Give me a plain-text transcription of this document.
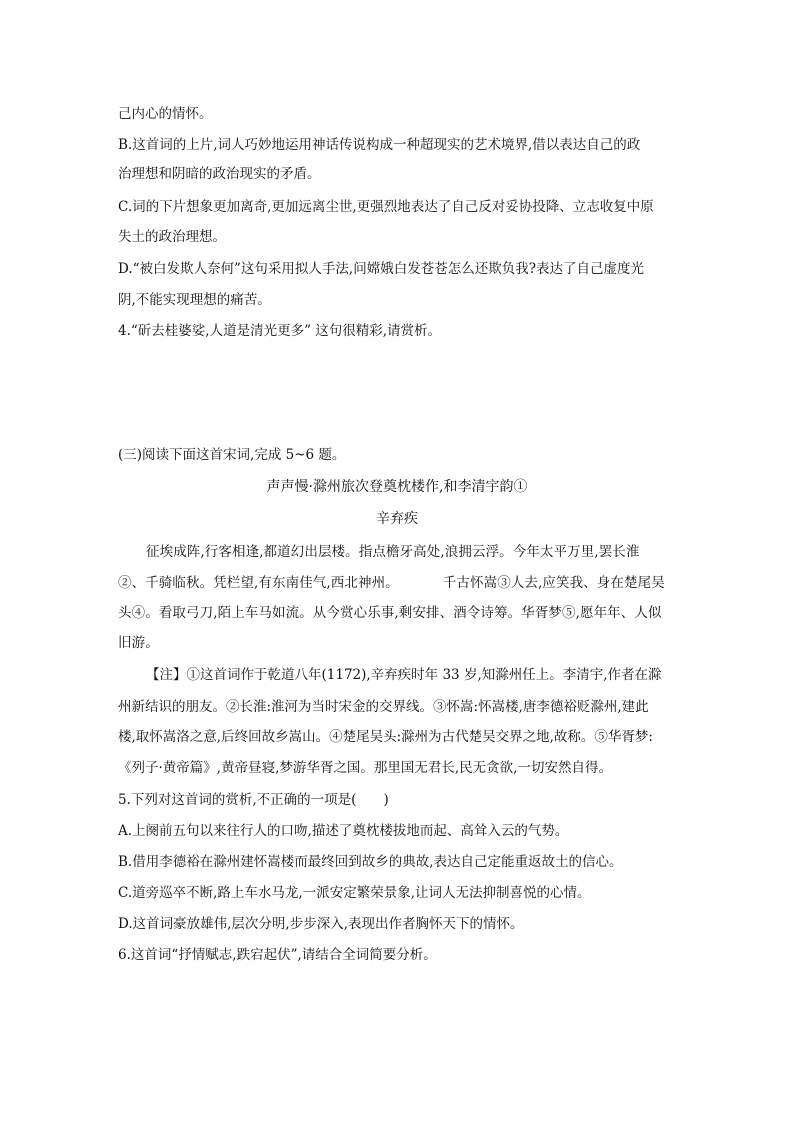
己内心的情怀。
B.这首词的上片,词人巧妙地运用神话传说构成一种超现实的艺术境界,借以表达自己的政
治理想和阴暗的政治现实的矛盾。
C.词的下片想象更加离奇,更加远离尘世,更强烈地表达了自己反对妥协投降、立志收复中原
失土的政治理想。
D.“被白发欺人奈何”这句采用拟人手法,问嫦娥白发苍苍怎么还欺负我?表达了自己虚度光
阴,不能实现理想的痛苦。
4.“斫去桂婆娑,人道是清光更多” 这句很精彩,请赏析。
(三)阅读下面这首宋词,完成 5~6 题。
声声慢·滁州旅次登奠枕楼作,和李清宇韵①
辛弃疾
征埃成阵,行客相逢,都道幻出层楼。指点檐牙高处,浪拥云浮。今年太平万里,罢长淮
②、千骑临秋。凭栏望,有东南佳气,西北神州。	千古怀嵩③人去,应笑我、身在楚尾吴
头④。看取弓刀,陌上车马如流。从今赏心乐事,剩安排、酒令诗筹。华胥梦⑤,愿年年、人似
旧游。
【注】①这首词作于乾道八年(1172),辛弃疾时年 33 岁,知滁州任上。李清宇,作者在滁
州新结识的朋友。②长淮:淮河为当时宋金的交界线。③怀嵩:怀嵩楼,唐李德裕贬滁州,建此
楼,取怀嵩洛之意,后终回故乡嵩山。④楚尾吴头:滁州为古代楚吴交界之地,故称。⑤华胥梦:
《列子·黄帝篇》,黄帝昼寝,梦游华胥之国。那里国无君长,民无贪欲,一切安然自得。
5.下列对这首词的赏析,不正确的一项是(　　)
A.上阕前五句以来往行人的口吻,描述了奠枕楼拔地而起、高耸入云的气势。
B.借用李德裕在滁州建怀嵩楼而最终回到故乡的典故,表达自己定能重返故土的信心。
C.道旁巡卒不断,路上车水马龙,一派安定繁荣景象,让词人无法抑制喜悦的心情。
D.这首词豪放雄伟,层次分明,步步深入,表现出作者胸怀天下的情怀。
6.这首词“抒情赋志,跌宕起伏”,请结合全词简要分析。
